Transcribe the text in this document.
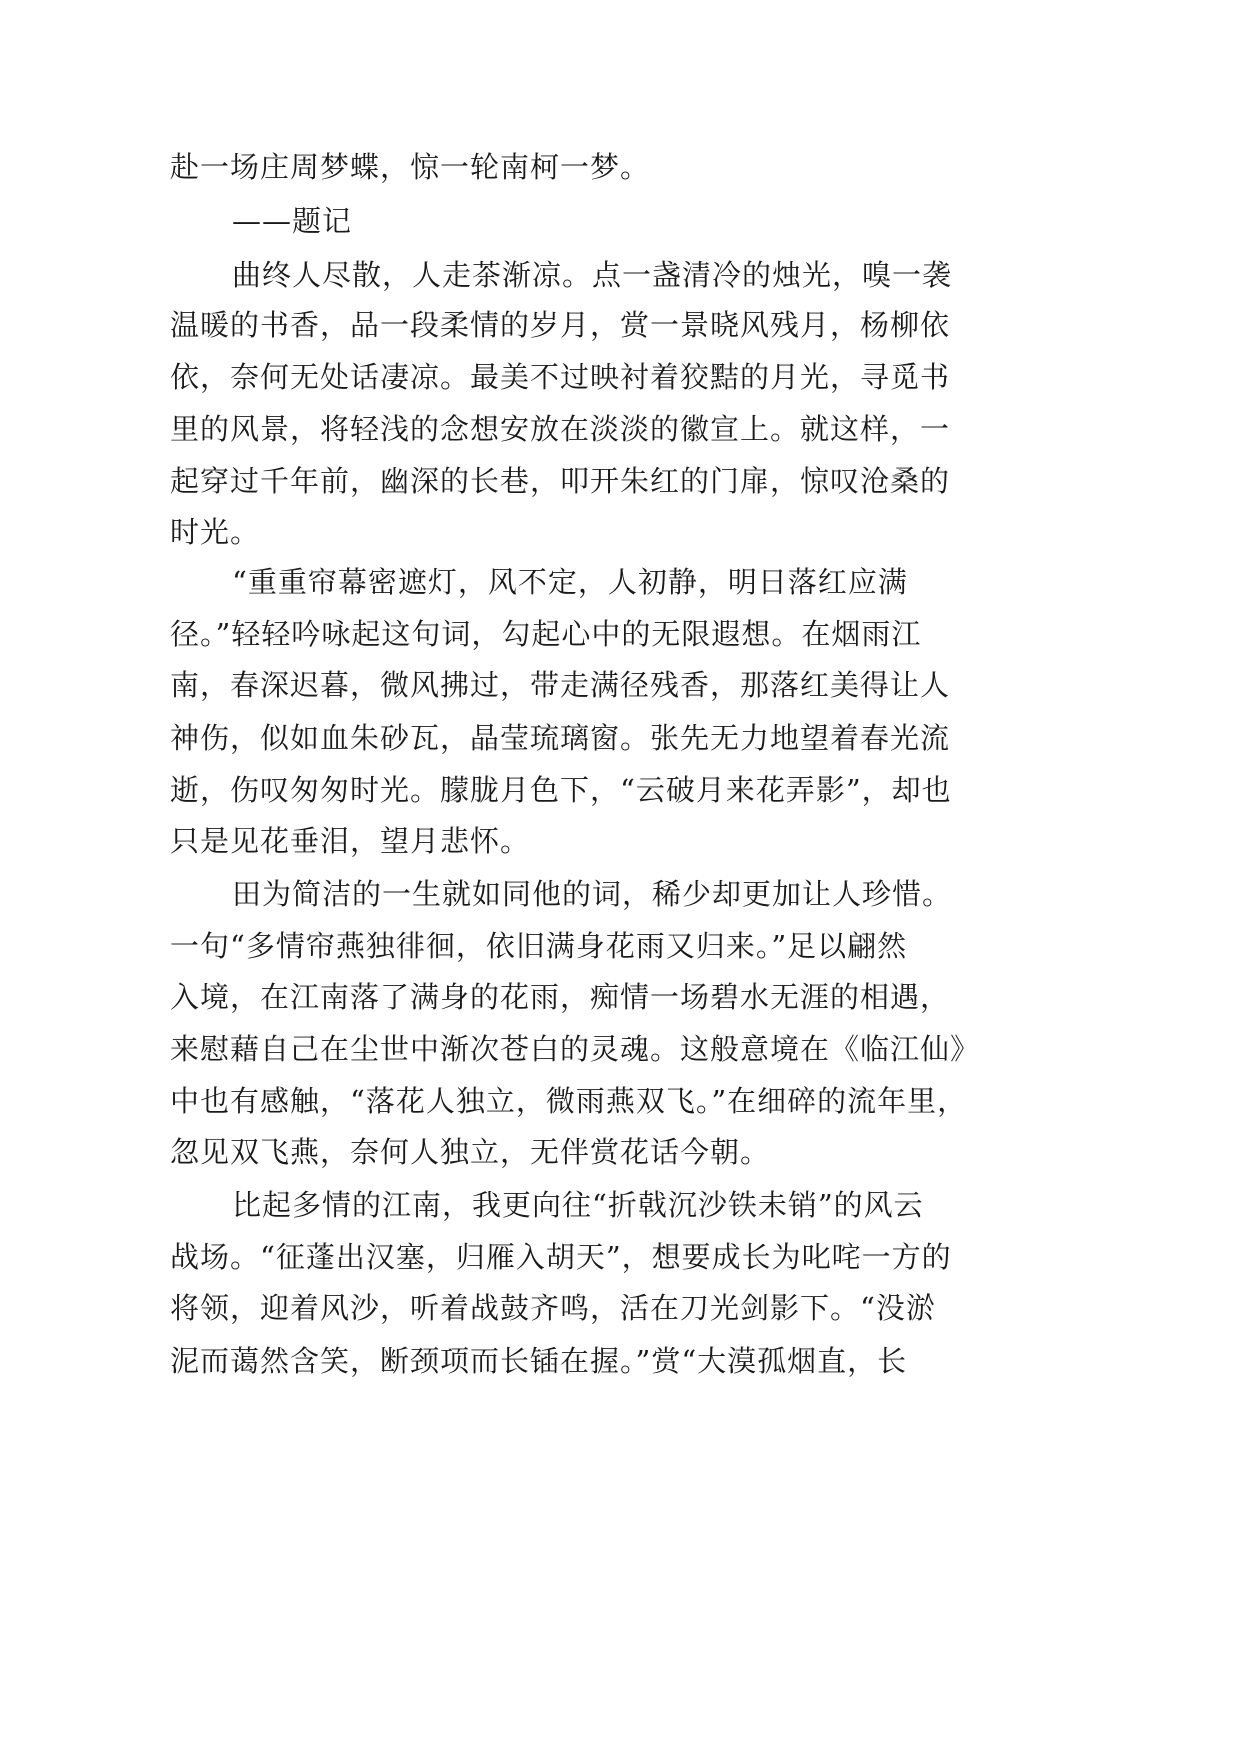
赴一场庄周梦蝶，惊一轮南柯一梦。
——题记
曲终人尽散，人走茶渐凉。点一盏清冷的烛光，嗅一袭
温暖的书香，品一段柔情的岁月，赏一景晓风残月，杨柳依
依，奈何无处话凄凉。最美不过映衬着狡黠的月光，寻觅书
里的风景，将轻浅的念想安放在淡淡的徽宣上。就这样，一
起穿过千年前，幽深的长巷，叩开朱红的门扉，惊叹沧桑的
时光。
“重重帘幕密遮灯，风不定，人初静，明日落红应满
径。”轻轻吟咏起这句词，勾起心中的无限遐想。在烟雨江
南，春深迟暮，微风拂过，带走满径残香，那落红美得让人
神伤，似如血朱砂瓦，晶莹琉璃窗。张先无力地望着春光流
逝，伤叹匆匆时光。朦胧月色下，“云破月来花弄影”，却也
只是见花垂泪，望月悲怀。
田为简洁的一生就如同他的词，稀少却更加让人珍惜。
一句“多情帘燕独徘徊，依旧满身花雨又归来。”足以翩然
入境，在江南落了满身的花雨，痴情一场碧水无涯的相遇，
来慰藉自己在尘世中渐次苍白的灵魂。这般意境在《临江仙》
中也有感触，“落花人独立，微雨燕双飞。”在细碎的流年里，
忽见双飞燕，奈何人独立，无伴赏花话今朝。
比起多情的江南，我更向往“折戟沉沙铁未销”的风云
战场。“征蓬出汉塞，归雁入胡天”，想要成长为叱咤一方的
将领，迎着风沙，听着战鼓齐鸣，活在刀光剑影下。“没淤
泥而蔼然含笑，断颈项而长锸在握。”赏“大漠孤烟直，长
